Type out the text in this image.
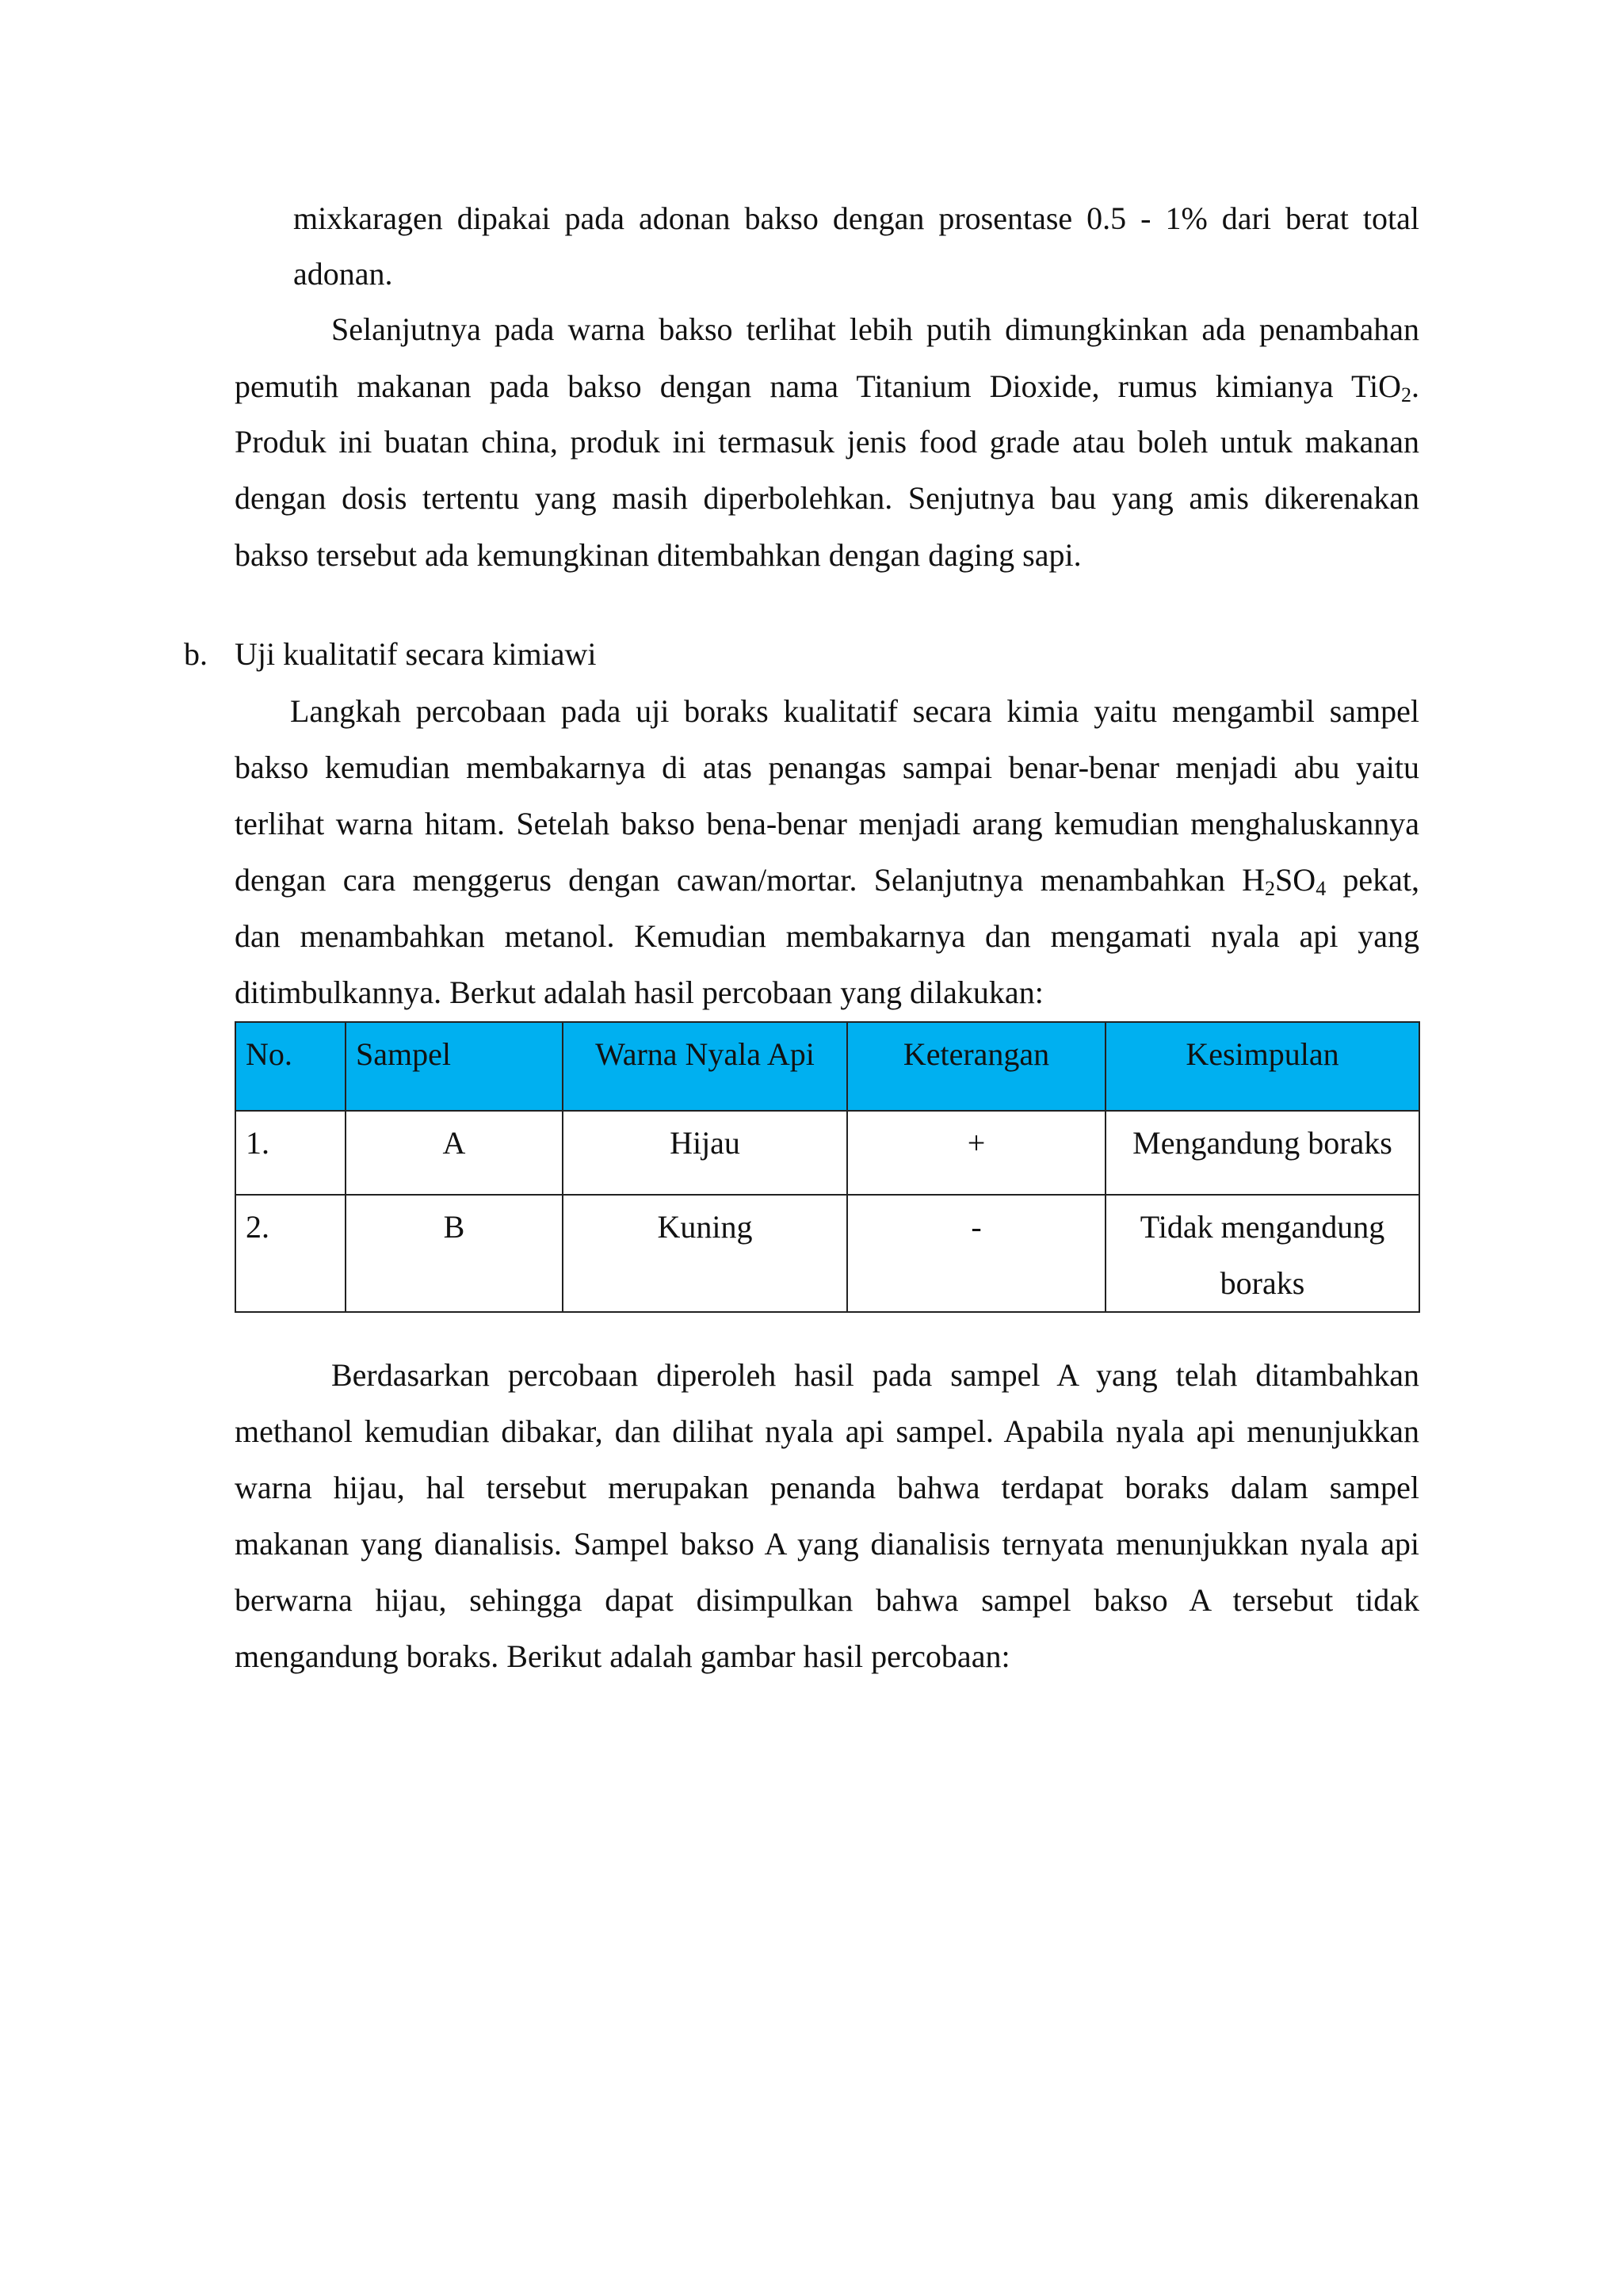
mixkaragen dipakai pada adonan bakso dengan prosentase 0.5 - 1% dari berat total

adonan.

Selanjutnya pada warna bakso terlihat lebih putih dimungkinkan ada penambahan

pemutih makanan pada bakso dengan nama Titanium Dioxide, rumus kimianya TiO$_2$.

Produk ini buatan china, produk ini termasuk jenis food grade atau boleh untuk makanan

dengan dosis tertentu yang masih diperbolehkan. Senjutnya bau yang amis dikerenakan

bakso tersebut ada kemungkinan ditembahkan dengan daging sapi.

b. Uji kualitatif secara kimiawi

Langkah percobaan pada uji boraks kualitatif secara kimia yaitu mengambil sampel

bakso kemudian membakarnya di atas penangas sampai benar-benar menjadi abu yaitu

terlihat warna hitam. Setelah bakso bena-benar menjadi arang kemudian menghaluskannya

dengan cara menggerus dengan cawan/mortar. Selanjutnya menambahkan $H_2SO_4$ pekat,

dan menambahkan metanol. Kemudian membakarnya dan mengamati nyala api yang

ditimbulkannya. Berkut adalah hasil percobaan yang dilakukan:

No.	Sampel	Warna Nyala Api	Keterangan	Kesimpulan
1.	A	Hijau	+	Mengandung boraks
2.	B	Kuning	-	Tidak mengandung boraks

Berdasarkan percobaan diperoleh hasil pada sampel A yang telah ditambahkan

methanol kemudian dibakar, dan dilihat nyala api sampel. Apabila nyala api menunjukkan

warna hijau, hal tersebut merupakan penanda bahwa terdapat boraks dalam sampel

makanan yang dianalisis. Sampel bakso A yang dianalisis ternyata menunjukkan nyala api

berwarna hijau, sehingga dapat disimpulkan bahwa sampel bakso A tersebut tidak

mengandung boraks. Berikut adalah gambar hasil percobaan:
